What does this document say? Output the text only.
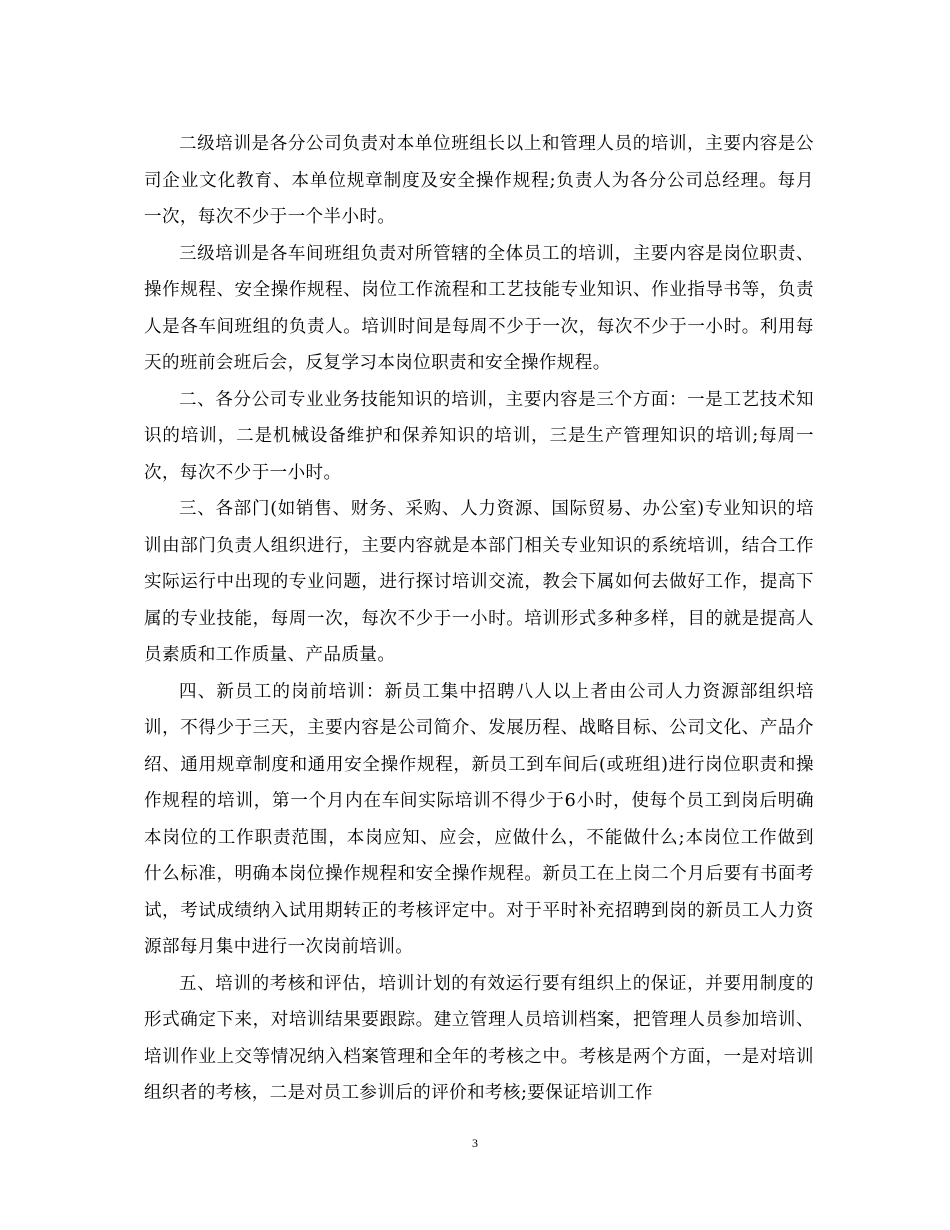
二级培训是各分公司负责对本单位班组长以上和管理人员的培训，主要内容是公司企业文化教育、本单位规章制度及安全操作规程;负责人为各分公司总经理。每月一次，每次不少于一个半小时。

三级培训是各车间班组负责对所管辖的全体员工的培训，主要内容是岗位职责、操作规程、安全操作规程、岗位工作流程和工艺技能专业知识、作业指导书等，负责人是各车间班组的负责人。培训时间是每周不少于一次，每次不少于一小时。利用每天的班前会班后会，反复学习本岗位职责和安全操作规程。

二、各分公司专业业务技能知识的培训，主要内容是三个方面：一是工艺技术知识的培训，二是机械设备维护和保养知识的培训，三是生产管理知识的培训;每周一次，每次不少于一小时。

三、各部门(如销售、财务、采购、人力资源、国际贸易、办公室)专业知识的培训由部门负责人组织进行，主要内容就是本部门相关专业知识的系统培训，结合工作实际运行中出现的专业问题，进行探讨培训交流，教会下属如何去做好工作，提高下属的专业技能，每周一次，每次不少于一小时。培训形式多种多样，目的就是提高人员素质和工作质量、产品质量。

四、新员工的岗前培训：新员工集中招聘八人以上者由公司人力资源部组织培训，不得少于三天，主要内容是公司简介、发展历程、战略目标、公司文化、产品介绍、通用规章制度和通用安全操作规程，新员工到车间后(或班组)进行岗位职责和操作规程的培训，第一个月内在车间实际培训不得少于6小时，使每个员工到岗后明确本岗位的工作职责范围，本岗应知、应会，应做什么，不能做什么;本岗位工作做到什么标准，明确本岗位操作规程和安全操作规程。新员工在上岗二个月后要有书面考试，考试成绩纳入试用期转正的考核评定中。对于平时补充招聘到岗的新员工人力资源部每月集中进行一次岗前培训。

五、培训的考核和评估，培训计划的有效运行要有组织上的保证，并要用制度的形式确定下来，对培训结果要跟踪。建立管理人员培训档案，把管理人员参加培训、培训作业上交等情况纳入档案管理和全年的考核之中。考核是两个方面，一是对培训组织者的考核，二是对员工参训后的评价和考核;要保证培训工作

3
